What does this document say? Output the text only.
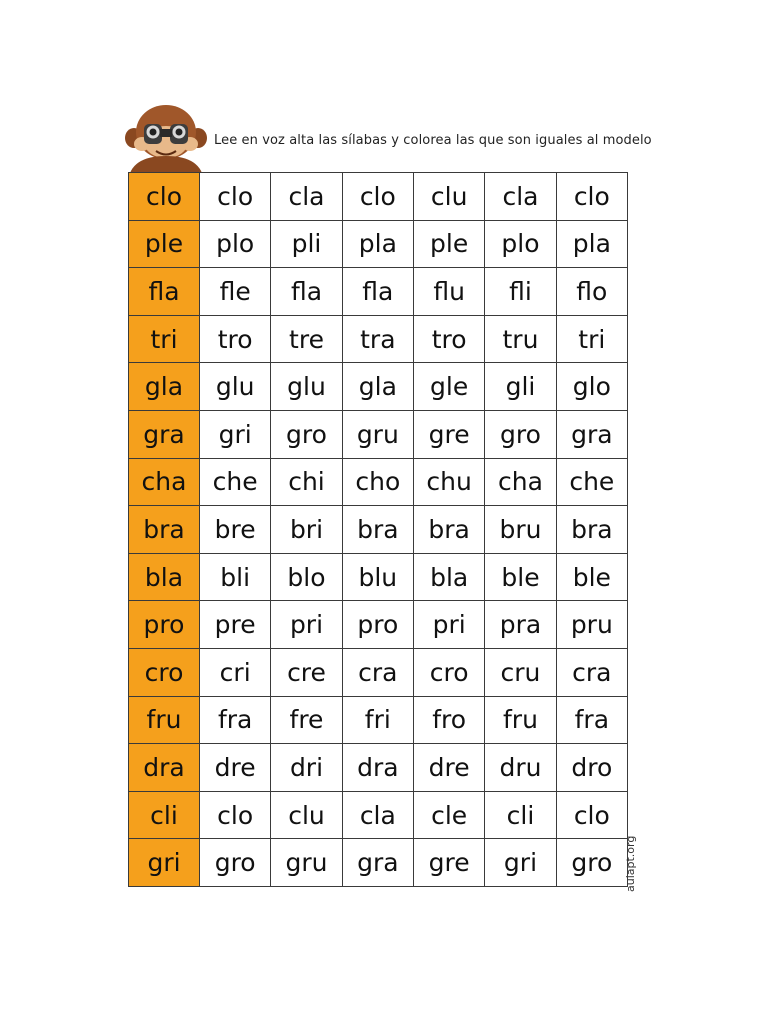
Lee en voz alta las sílabas y colorea las que son iguales al modelo
clo	clo	cla	clo	clu	cla	clo
ple	plo	pli	pla	ple	plo	pla
fla	fle	fla	fla	flu	fli	flo
tri	tro	tre	tra	tro	tru	tri
gla	glu	glu	gla	gle	gli	glo
gra	gri	gro	gru	gre	gro	gra
cha	che	chi	cho	chu	cha	che
bra	bre	bri	bra	bra	bru	bra
bla	bli	blo	blu	bla	ble	ble
pro	pre	pri	pro	pri	pra	pru
cro	cri	cre	cra	cro	cru	cra
fru	fra	fre	fri	fro	fru	fra
dra	dre	dri	dra	dre	dru	dro
cli	clo	clu	cla	cle	cli	clo
gri	gro	gru	gra	gre	gri	gro aulapt.org
